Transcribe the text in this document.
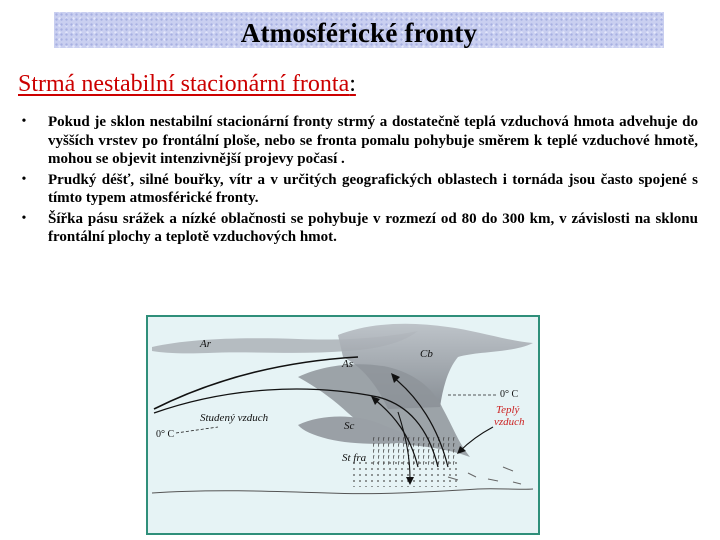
Atmosférické fronty
Strmá nestabilní stacionární fronta:
• Pokud je sklon nestabilní stacionární fronty strmý a dostatečně teplá vzduchová hmota advehuje do vyšších vrstev po frontální ploše, nebo se fronta pomalu pohybuje směrem k teplé vzduchové hmotě, mohou se objevit intenzivnější projevy počasí .
• Prudký déšť, silné bouřky, vítr a v určitých geografických oblastech i tornáda jsou často spojené s tímto typem atmosférické fronty.
• Šířka pásu srážek a nízké oblačnosti se pohybuje v rozmezí od 80 do 300 km, v závislosti na sklonu frontální plochy a teplotě vzduchových hmot.
Ar
Cb
As
0° C
Studený vzduch
0° C
Sc
Teplý
vzduch
St fra
